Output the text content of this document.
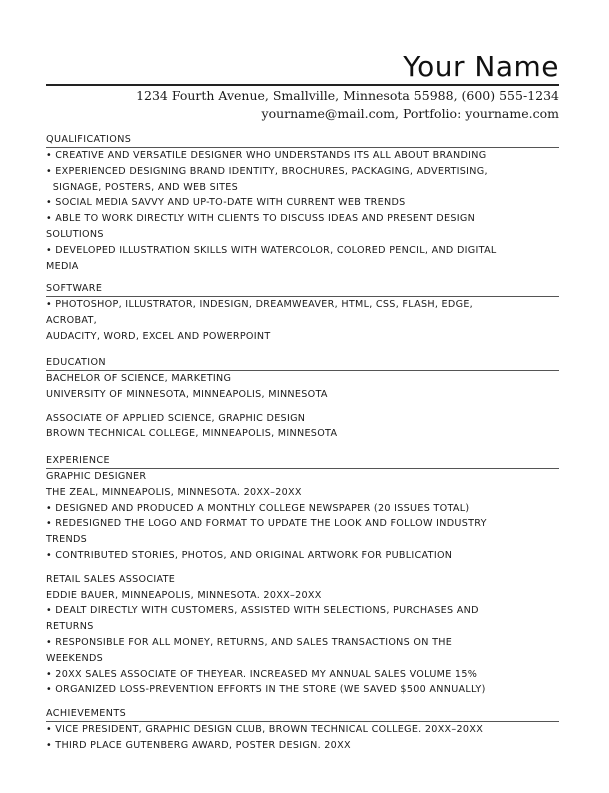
Your Name
1234 Fourth Avenue, Smallville, Minnesota 55988, (600) 555-1234
yourname@mail.com, Portfolio: yourname.com
QUALIFICATIONS
• CREATIVE AND VERSATILE DESIGNER WHO UNDERSTANDS ITS ALL ABOUT BRANDING
• EXPERIENCED DESIGNING BRAND IDENTITY, BROCHURES, PACKAGING, ADVERTISING,
SIGNAGE, POSTERS, AND WEB SITES
• SOCIAL MEDIA SAVVY AND UP-TO-DATE WITH CURRENT WEB TRENDS
• ABLE TO WORK DIRECTLY WITH CLIENTS TO DISCUSS IDEAS AND PRESENT DESIGN
SOLUTIONS
• DEVELOPED ILLUSTRATION SKILLS WITH WATERCOLOR, COLORED PENCIL, AND DIGITAL
MEDIA
SOFTWARE
• PHOTOSHOP, ILLUSTRATOR, INDESIGN, DREAMWEAVER, HTML, CSS, FLASH, EDGE,
ACROBAT,
AUDACITY, WORD, EXCEL AND POWERPOINT
EDUCATION
BACHELOR OF SCIENCE, MARKETING
UNIVERSITY OF MINNESOTA, MINNEAPOLIS, MINNESOTA
ASSOCIATE OF APPLIED SCIENCE, GRAPHIC DESIGN
BROWN TECHNICAL COLLEGE, MINNEAPOLIS, MINNESOTA
EXPERIENCE
GRAPHIC DESIGNER
THE ZEAL, MINNEAPOLIS, MINNESOTA. 20XX–20XX
• DESIGNED AND PRODUCED A MONTHLY COLLEGE NEWSPAPER (20 ISSUES TOTAL)
• REDESIGNED THE LOGO AND FORMAT TO UPDATE THE LOOK AND FOLLOW INDUSTRY
TRENDS
• CONTRIBUTED STORIES, PHOTOS, AND ORIGINAL ARTWORK FOR PUBLICATION
RETAIL SALES ASSOCIATE
EDDIE BAUER, MINNEAPOLIS, MINNESOTA. 20XX–20XX
• DEALT DIRECTLY WITH CUSTOMERS, ASSISTED WITH SELECTIONS, PURCHASES AND
RETURNS
• RESPONSIBLE FOR ALL MONEY, RETURNS, AND SALES TRANSACTIONS ON THE
WEEKENDS
• 20XX SALES ASSOCIATE OF THEYEAR. INCREASED MY ANNUAL SALES VOLUME 15%
• ORGANIZED LOSS-PREVENTION EFFORTS IN THE STORE (WE SAVED $500 ANNUALLY)
ACHIEVEMENTS
• VICE PRESIDENT, GRAPHIC DESIGN CLUB, BROWN TECHNICAL COLLEGE. 20XX–20XX
• THIRD PLACE GUTENBERG AWARD, POSTER DESIGN. 20XX
